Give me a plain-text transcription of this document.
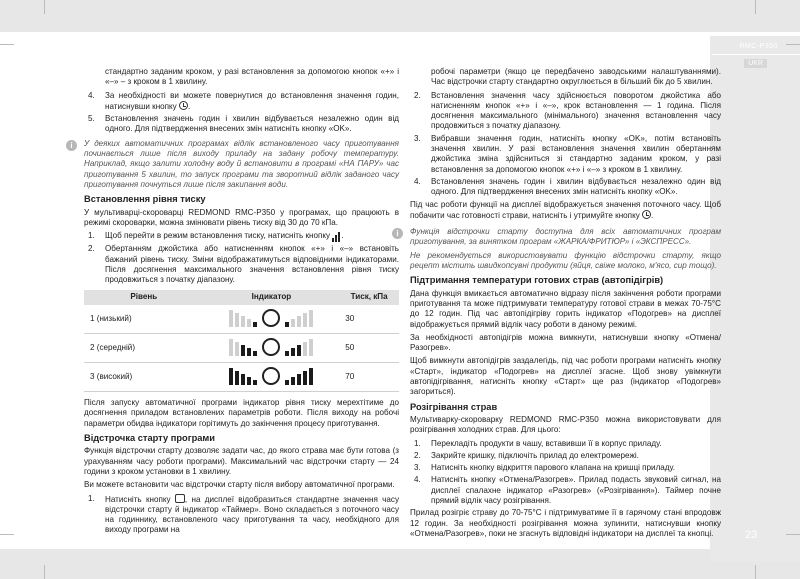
RMC-P350
UKR
23

стандартно заданим кроком, у разі встановлення за допомогою кнопок «+» і «–» – з кроком в 1 хвилину.

4. За необхідності ви можете повернутися до встановлення значення годин, натиснувши кнопку .
5. Встановлення значень годин і хвилин відбувається незалежно один від одного. Для підтвердження внесених змін натисніть кнопку «OK».
i	У деяких автоматичних програмах відлік встановленого часу приготування починається лише після виходу приладу на задану робочу температуру. Наприклад, якщо залити холодну воду й встановити в програмі «НА ПАРУ» час приготування 5 хвилин, то запуск програми та зворотний відлік заданого часу приготування почнуться лише після закипання води.
Встановлення рівня тиску

У мультиварці-скороварці REDMOND RMC-P350 у програмах, що працюють в режимі скороварки, можна змінювати рівень тиску від 30 до 70 кПа.

1. Щоб перейти в режим встановлення тиску, натисніть кнопку .
2. Обертанням джойстика або натисненням кнопок «+» і «–» встановіть бажаний рівень тиску. Зміни відображатимуться відповідними індикаторами. Після досягнення максимального значення встановлення рівня тиску продовжиться з початку діапазону.
Рівень	Індикатор	Тиск, кПа
1 (низький)		30
2 (середній)		50
3 (високий)		70

Після запуску автоматичної програми індикатор рівня тиску мерехтітиме до досягнення приладом встановлених параметрів роботи. Після виходу на робочі параметри обидва індикатори горітимуть до закінчення процесу приготування.

Відстрочка старту програми

Функція відстрочки старту дозволяє задати час, до якого страва має бути готова (з урахуванням часу роботи програми). Максимальний час відстрочки старту — 24 години з кроком установки в 1 хвилину.

Ви можете встановити час відстрочки старту після вибору автоматичної програми.

1. Натисніть кнопку , на дисплеї відобразиться стандартне значення часу відстрочки старту й індикатор «Таймер». Воно складається з поточного часу на годиннику, встановленого часу приготування та часу, необхідного для виходу програми на

робочі параметри (якщо це передбачено заводськими налаштуваннями). Час відстрочки старту стандартно округлюється в більший бік до 5 хвилин.

2. Встановлення значення часу здійснюється поворотом джойстика або натисненням кнопок «+» і «–», крок встановлення — 1 година. Після досягнення максимального (мінімального) значення встановлення часу продовжиться з початку діапазону.
3. Вибравши значення годин, натисніть кнопку «OK», потім встановіть значення хвилин. У разі встановлення значення хвилин обертанням джойстика зміна здійсниться зі стандартно заданим кроком, у разі встановлення за допомогою кнопок «+» і «–» з кроком в 1 хвилину.
4. Встановлення значень годин і хвилин відбувається незалежно один від одного. Для підтвердження внесених змін натисніть кнопку «OK».

Під час роботи функції на дисплеї відображується значення поточного часу. Щоб побачити час готовності страви, натисніть і утримуйте кнопку .

i	Функція відстрочки старту доступна для всіх автоматичних програм приготування, за винятком програм «ЖАРКА/ФРИТЮР» і «ЭКСПРЕСС».
Не рекомендується використовувати функцію відстрочки старту, якщо рецепт містить швидкопсувні продукти (яйця, свіже молоко, м'ясо, сир тощо).
Підтримання температури готових страв (автопідігрів)

Дана функція вмикається автоматично відразу після закінчення роботи програми приготування та може підтримувати температуру готової страви в межах 70-75°С до 12 годин. Під час автопідігріву горить індикатор «Подогрев» на дисплеї відображується прямий відлік часу роботи в даному режимі.

За необхідності автопідігрів можна вимкнути, натиснувши кнопку «Отмена/Разогрев».

Щоб вимкнути автопідігрів заздалегідь, під час роботи програми натисніть кнопку «Старт», індикатор «Подогрев» на дисплеї згасне. Щоб знову увімкнути автопідігрівання, натисніть кнопку «Старт» ще раз (індикатор «Подогрев» загориться).

Розігрівання страв

Мультиварку-скороварку REDMOND RMC-P350 можна використовувати для розігрівання холодних страв. Для цього:

1. Перекладіть продукти в чашу, вставивши її в корпус приладу.
2. Закрийте кришку, підключіть прилад до електромережі.
3. Натисніть кнопку відкриття парового клапана на кришці приладу.
4. Натисніть кнопку «Отмена/Разогрев». Прилад подасть звуковий сигнал, на дисплеї спалахне індикатор «Разогрев» («Розігрівання»). Таймер почне прямий відлік часу розігрівання.

Прилад розігріє страву до 70-75°С і підтримуватиме її в гарячому стані впродовж 12 годин. За необхідності розігрівання можна зупинити, натиснувши кнопку «Отмена/Разогрев», поки не згаснуть відповідні індикатори на дисплеї та кнопці.
